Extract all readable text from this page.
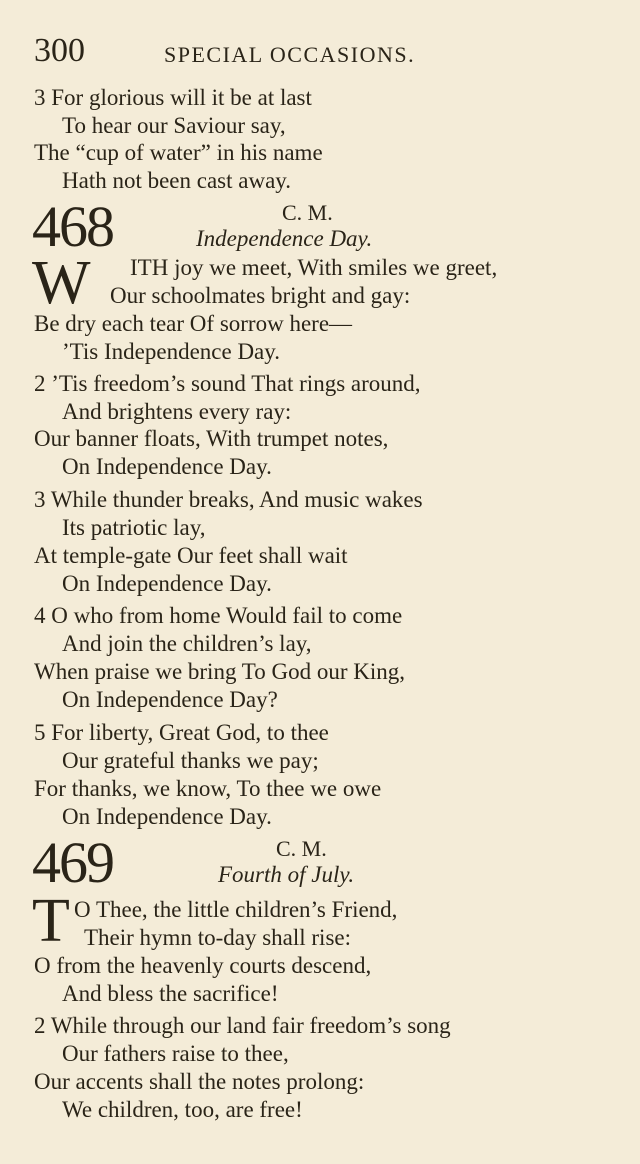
300	SPECIAL OCCASIONS.
3 For glorious will it be at last
To hear our Saviour say,
The “cup of water” in his name
Hath not been cast away.
468	C. M.
Independence Day.
W ITH joy we meet, With smiles we greet,
Our schoolmates bright and gay:
Be dry each tear Of sorrow here—
’Tis Independence Day.
2 ’Tis freedom’s sound That rings around,
And brightens every ray:
Our banner floats, With trumpet notes,
On Independence Day.
3 While thunder breaks, And music wakes
Its patriotic lay,
At temple-gate Our feet shall wait
On Independence Day.
4 O who from home Would fail to come
And join the children’s lay,
When praise we bring To God our King,
On Independence Day?
5 For liberty, Great God, to thee
Our grateful thanks we pay;
For thanks, we know, To thee we owe
On Independence Day.
469	C. M.
Fourth of July.
T O Thee, the little children’s Friend,
Their hymn to-day shall rise:
O from the heavenly courts descend,
And bless the sacrifice!
2 While through our land fair freedom’s song
Our fathers raise to thee,
Our accents shall the notes prolong:
We children, too, are free!
